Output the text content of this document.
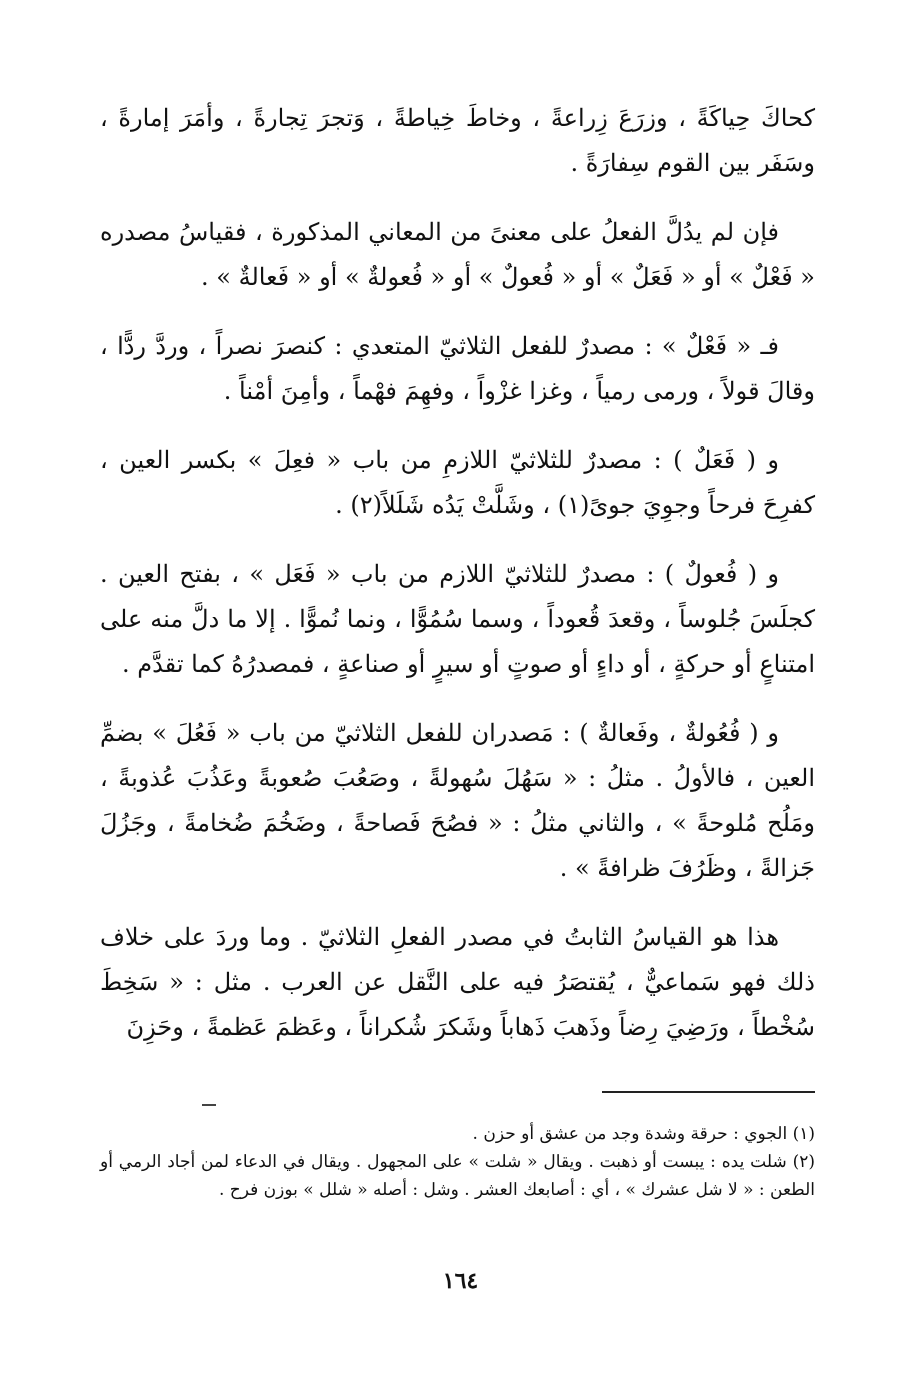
كحاكَ حِياكَةً ، وزرَعَ زِراعةً ، وخاطَ خِياطةً ، وَتجرَ تِجارةً ، وأمَرَ إمارةً ، وسَفَر بين القوم سِفارَةً .

فإن لم يدُلَّ الفعلُ على معنىً من المعاني المذكورة ، فقياسُ مصدره « فَعْلٌ » أو « فَعَلٌ » أو « فُعولٌ » أو « فُعولةٌ » أو « فَعالةٌ » .

فـ « فَعْلٌ » : مصدرٌ للفعل الثلاثيّ المتعدي : كنصرَ نصراً ، وردَّ ردًّا ، وقالَ قولاً ، ورمى رمياً ، وغزا غزْواً ، وفهِمَ فهْماً ، وأمِنَ أمْناً .

و ( فَعَلٌ ) : مصدرٌ للثلاثيّ اللازمِ من باب « فعِلَ » بكسر العين ، كفرِحَ فرحاً وجوِيَ جوىً(١) ، وشَلَّتْ يَدُه شَلَلاً(٢) .

و ( فُعولٌ ) : مصدرٌ للثلاثيّ اللازم من باب « فَعَل » ، بفتح العين . كجلَسَ جُلوساً ، وقعدَ قُعوداً ، وسما سُمُوًّا ، ونما نُموًّا . إلا ما دلَّ منه على امتناعٍ أو حركةٍ ، أو داءٍ أو صوتٍ أو سيرٍ أو صناعةٍ ، فمصدرُهُ كما تقدَّم .

و ( فُعُولةٌ ، وفَعالةٌ ) : مَصدران للفعل الثلاثيّ من باب « فَعُلَ » بضمِّ العين ، فالأولُ . مثلُ : « سَهُلَ سُهولةً ، وصَعُبَ صُعوبةً وعَذُبَ عُذوبةً ، ومَلُح مُلوحةً » ، والثاني مثلُ : « فصُحَ فَصاحةً ، وضَخُمَ ضُخامةً ، وجَزُلَ جَزالةً ، وظَرُفَ ظرافةً » .

هذا هو القياسُ الثابتُ في مصدر الفعلِ الثلاثيّ . وما وردَ على خلاف ذلك فهو سَماعيٌّ ، يُقتصَرُ فيه على النَّقل عن العرب . مثل : « سَخِطَ سُخْطاً ، ورَضِيَ رِضاً وذَهبَ ذَهاباً وشَكرَ شُكراناً ، وعَظمَ عَظمةً ، وحَزِنَ

(١) الجوي : حرقة وشدة وجد من عشق أو حزن .

(٢) شلت يده : يبست أو ذهبت . ويقال « شلت » على المجهول . ويقال في الدعاء لمن أجاد الرمي أو الطعن : « لا شل عشرك » ، أي : أصابعك العشر . وشل : أصله « شلل » بوزن فرح .

١٦٤
